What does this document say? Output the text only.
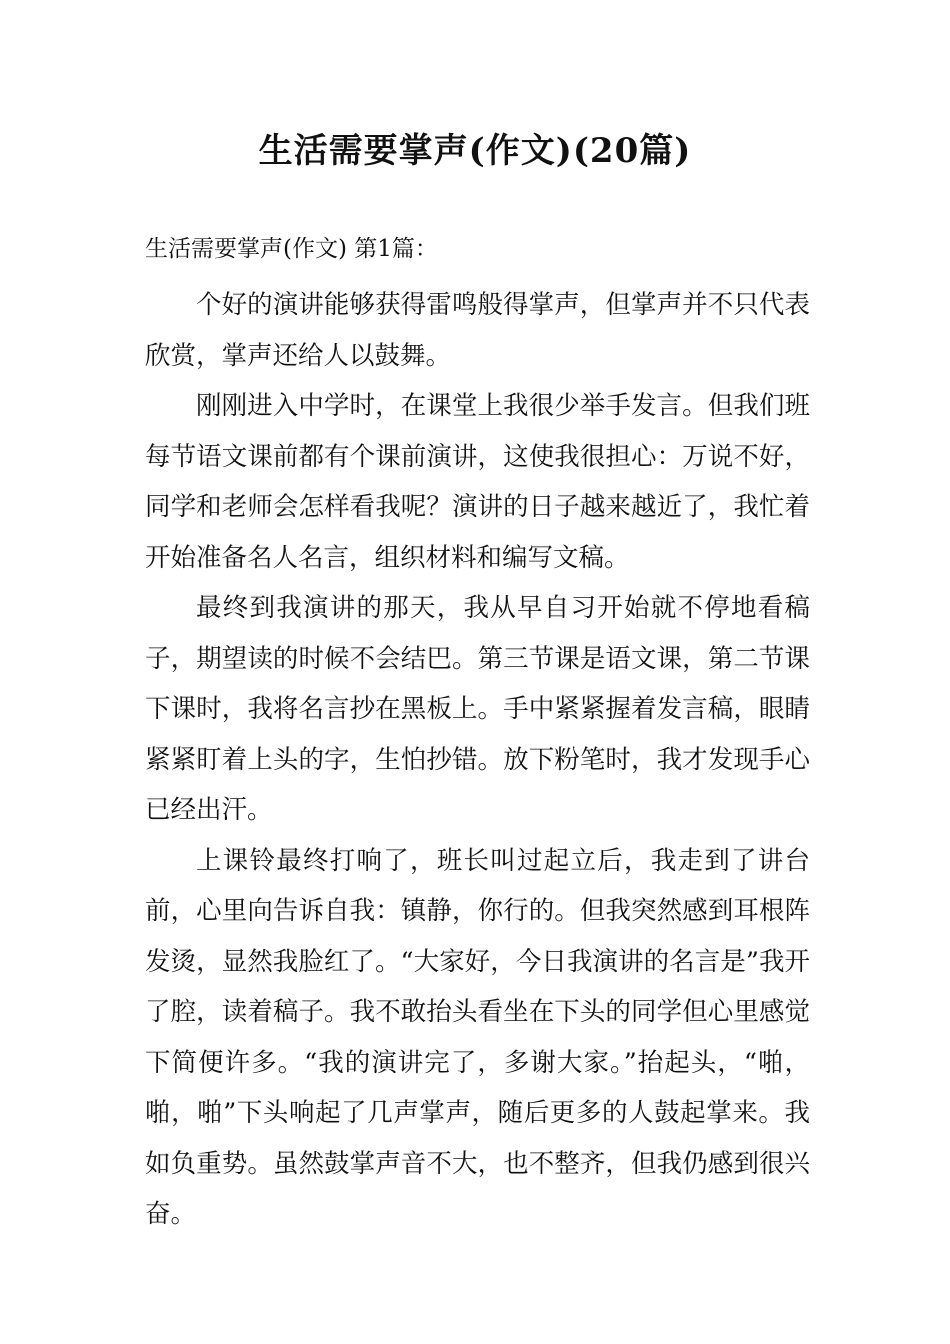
生活需要掌声(作文)(20篇)
生活需要掌声(作文) 第1篇：

个好的演讲能够获得雷鸣般得掌声，但掌声并不只代表欣赏，掌声还给人以鼓舞。

刚刚进入中学时，在课堂上我很少举手发言。但我们班每节语文课前都有个课前演讲，这使我很担心：万说不好，同学和老师会怎样看我呢？演讲的日子越来越近了，我忙着开始准备名人名言，组织材料和编写文稿。

最终到我演讲的那天，我从早自习开始就不停地看稿子，期望读的时候不会结巴。第三节课是语文课，第二节课下课时，我将名言抄在黑板上。手中紧紧握着发言稿，眼睛紧紧盯着上头的字，生怕抄错。放下粉笔时，我才发现手心已经出汗。

上课铃最终打响了，班长叫过起立后，我走到了讲台前，心里向告诉自我：镇静，你行的。但我突然感到耳根阵发烫，显然我脸红了。“大家好，今日我演讲的名言是”我开了腔，读着稿子。我不敢抬头看坐在下头的同学但心里感觉下简便许多。“我的演讲完了，多谢大家。”抬起头，“啪，啪，啪”下头响起了几声掌声，随后更多的人鼓起掌来。我如负重势。虽然鼓掌声音不大，也不整齐，但我仍感到很兴奋。
